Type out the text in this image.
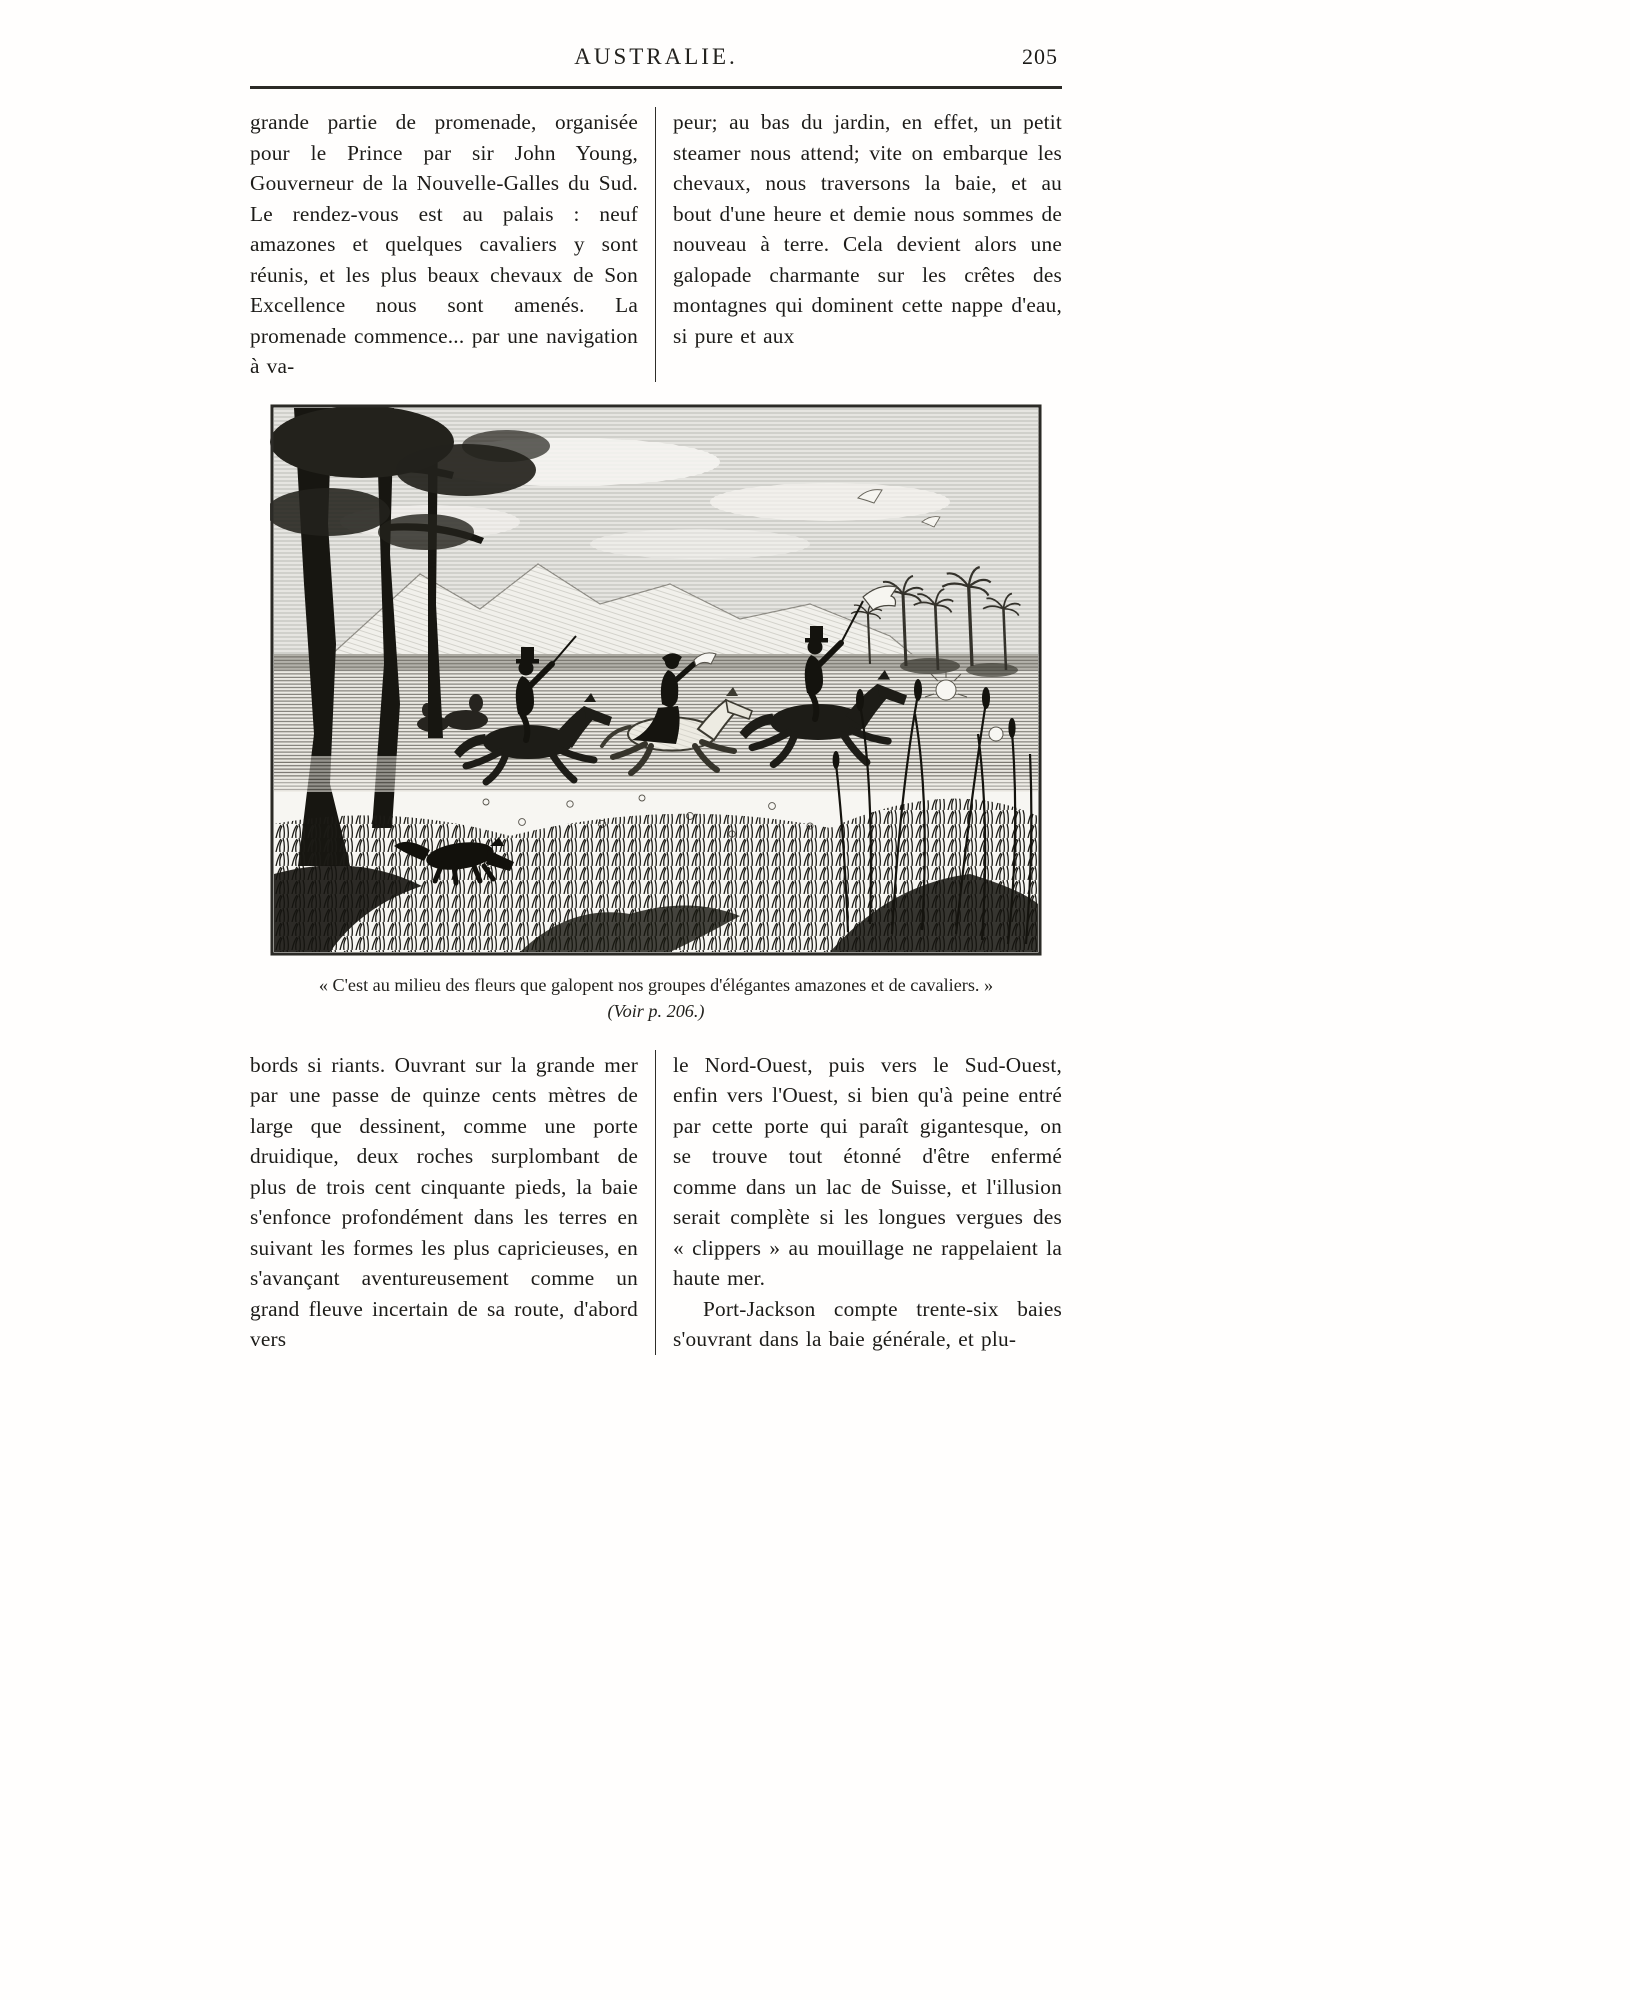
AUSTRALIE.	205
grande partie de promenade, organisée pour le Prince par sir John Young, Gouverneur de la Nouvelle-Galles du Sud. Le rendez-vous est au palais : neuf amazones et quelques cavaliers y sont réunis, et les plus beaux chevaux de Son Excellence nous sont amenés. La promenade commence... par une navigation à va-
peur; au bas du jardin, en effet, un petit steamer nous attend; vite on embarque les chevaux, nous traversons la baie, et au bout d'une heure et demie nous sommes de nouveau à terre. Cela devient alors une galopade charmante sur les crêtes des montagnes qui dominent cette nappe d'eau, si pure et aux
« C'est au milieu des fleurs que galopent nos groupes d'élégantes amazones et de cavaliers. »
(Voir p. 206.)
bords si riants. Ouvrant sur la grande mer par une passe de quinze cents mètres de large que dessinent, comme une porte druidique, deux roches surplombant de plus de trois cent cinquante pieds, la baie s'enfonce profondément dans les terres en suivant les formes les plus capricieuses, en s'avançant aventureusement comme un grand fleuve incertain de sa route, d'abord vers

le Nord-Ouest, puis vers le Sud-Ouest, enfin vers l'Ouest, si bien qu'à peine entré par cette porte qui paraît gigantesque, on se trouve tout étonné d'être enfermé comme dans un lac de Suisse, et l'illusion serait complète si les longues vergues des « clippers » au mouillage ne rappelaient la haute mer.

Port-Jackson compte trente-six baies s'ouvrant dans la baie générale, et plu-
